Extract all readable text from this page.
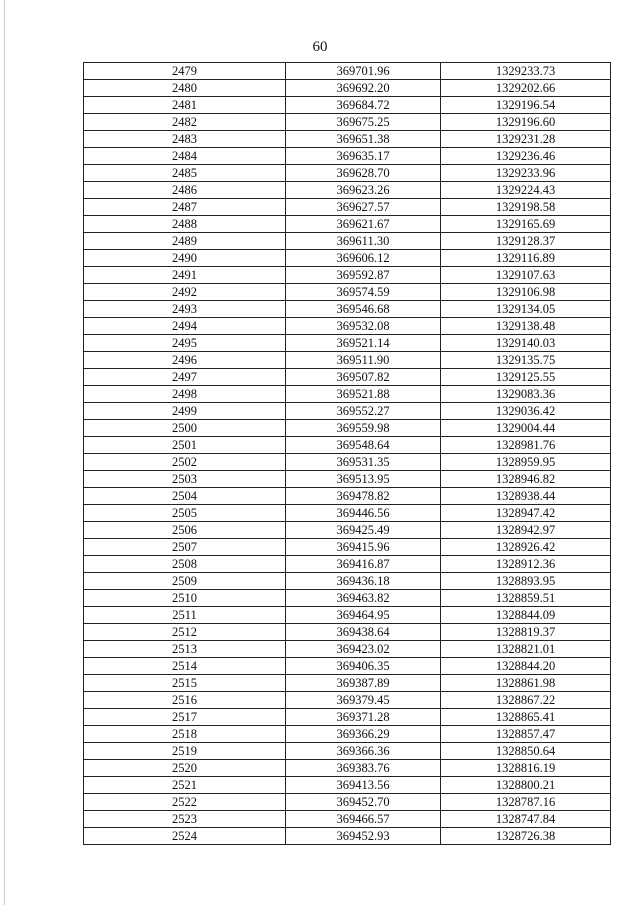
60
2479	369701.96	1329233.73
2480	369692.20	1329202.66
2481	369684.72	1329196.54
2482	369675.25	1329196.60
2483	369651.38	1329231.28
2484	369635.17	1329236.46
2485	369628.70	1329233.96
2486	369623.26	1329224.43
2487	369627.57	1329198.58
2488	369621.67	1329165.69
2489	369611.30	1329128.37
2490	369606.12	1329116.89
2491	369592.87	1329107.63
2492	369574.59	1329106.98
2493	369546.68	1329134.05
2494	369532.08	1329138.48
2495	369521.14	1329140.03
2496	369511.90	1329135.75
2497	369507.82	1329125.55
2498	369521.88	1329083.36
2499	369552.27	1329036.42
2500	369559.98	1329004.44
2501	369548.64	1328981.76
2502	369531.35	1328959.95
2503	369513.95	1328946.82
2504	369478.82	1328938.44
2505	369446.56	1328947.42
2506	369425.49	1328942.97
2507	369415.96	1328926.42
2508	369416.87	1328912.36
2509	369436.18	1328893.95
2510	369463.82	1328859.51
2511	369464.95	1328844.09
2512	369438.64	1328819.37
2513	369423.02	1328821.01
2514	369406.35	1328844.20
2515	369387.89	1328861.98
2516	369379.45	1328867.22
2517	369371.28	1328865.41
2518	369366.29	1328857.47
2519	369366.36	1328850.64
2520	369383.76	1328816.19
2521	369413.56	1328800.21
2522	369452.70	1328787.16
2523	369466.57	1328747.84
2524	369452.93	1328726.38
